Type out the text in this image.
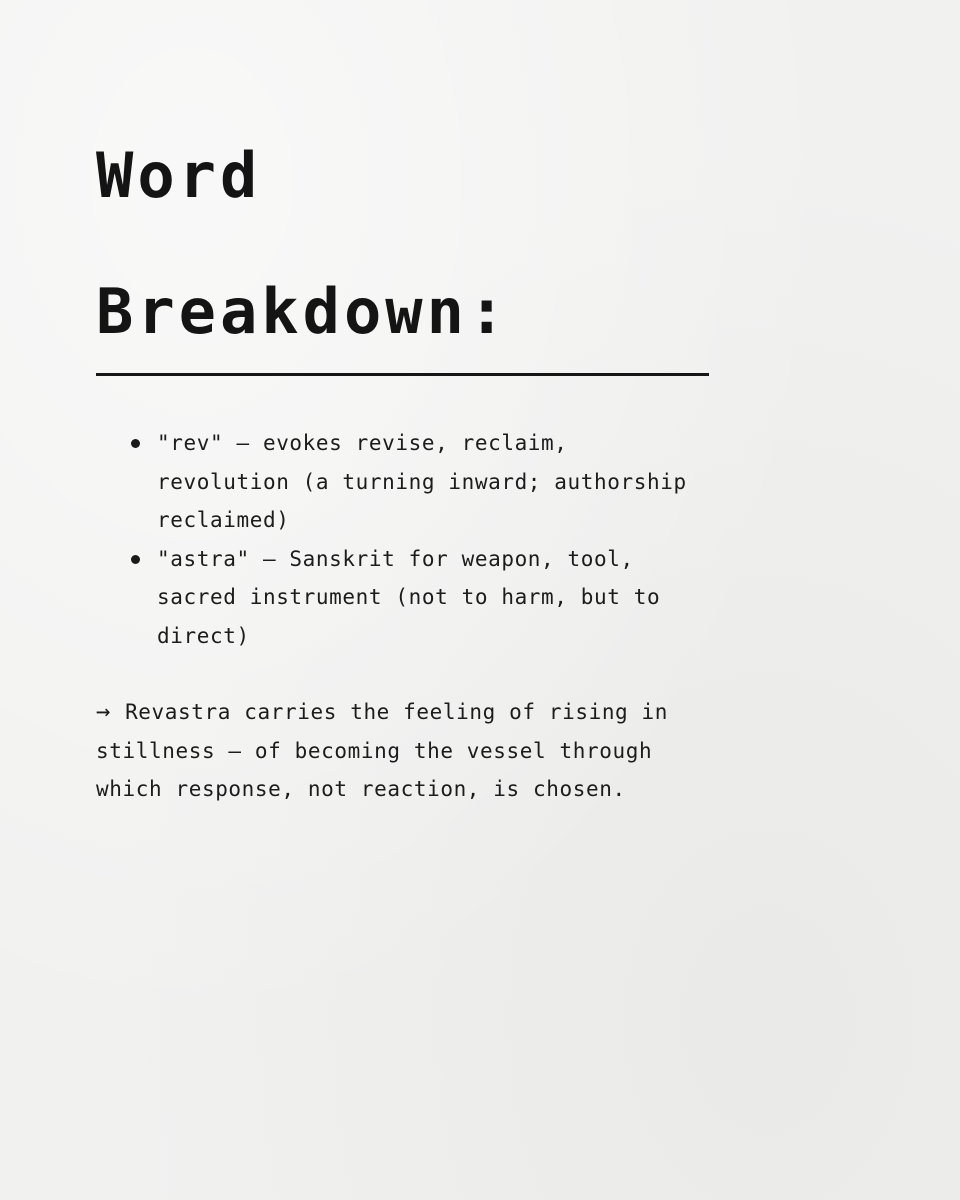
Word
Breakdown:
"rev" — evokes revise, reclaim, revolution (a turning inward; authorship reclaimed)
"astra" — Sanskrit for weapon, tool, sacred instrument (not to harm, but to direct)

→ Revastra carries the feeling of rising in stillness — of becoming the vessel through which response, not reaction, is chosen.
